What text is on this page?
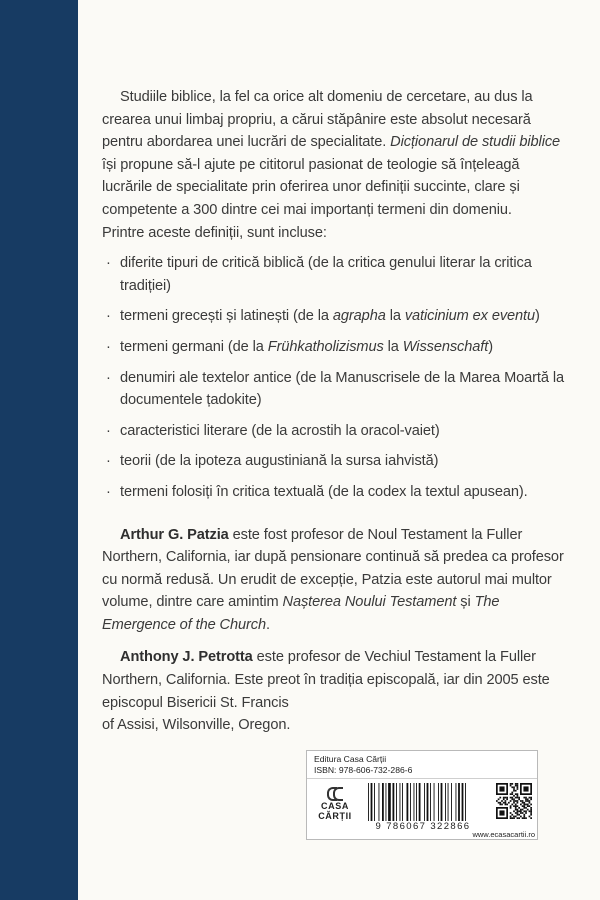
Studiile biblice, la fel ca orice alt domeniu de cercetare, au dus la crearea unui limbaj propriu, a cărui stăpânire este absolut necesară pentru abordarea unei lucrări de specialitate. Dicționarul de studii biblice își propune să-l ajute pe cititorul pasionat de teologie să înțeleagă lucrările de specialitate prin oferirea unor definiții succinte, clare și competente a 300 dintre cei mai importanți termeni din domeniu.

Printre aceste definiții, sunt incluse:

· diferite tipuri de critică biblică (de la critica genului literar la critica tradiției)
· termeni grecești și latinești (de la agrapha la vaticinium ex eventu)
· termeni germani (de la Frühkatholizismus la Wissenschaft)
· denumiri ale textelor antice (de la Manuscrisele de la Marea Moartă la documentele țadokite)
· caracteristici literare (de la acrostih la oracol-vaiet)
· teorii (de la ipoteza augustiniană la sursa iahvistă)
· termeni folosiți în critica textuală (de la codex la textul apusean).

Arthur G. Patzia este fost profesor de Noul Testament la Fuller Northern, California, iar după pensionare continuă să predea ca profesor cu normă redusă. Un erudit de excepție, Patzia este autorul mai multor volume, dintre care amintim Nașterea Noului Testament și The Emergence of the Church.

Anthony J. Petrotta este profesor de Vechiul Testament la Fuller Northern, California. Este preot în tradiția episcopală, iar din 2005 este
episcopul Bisericii St. Francis
of Assisi, Wilsonville, Oregon.

Editura Casa Cărții
ISBN: 978-606-732-286-6
CASA
CĂRȚII
9 786067 322866
www.ecasacartii.ro
